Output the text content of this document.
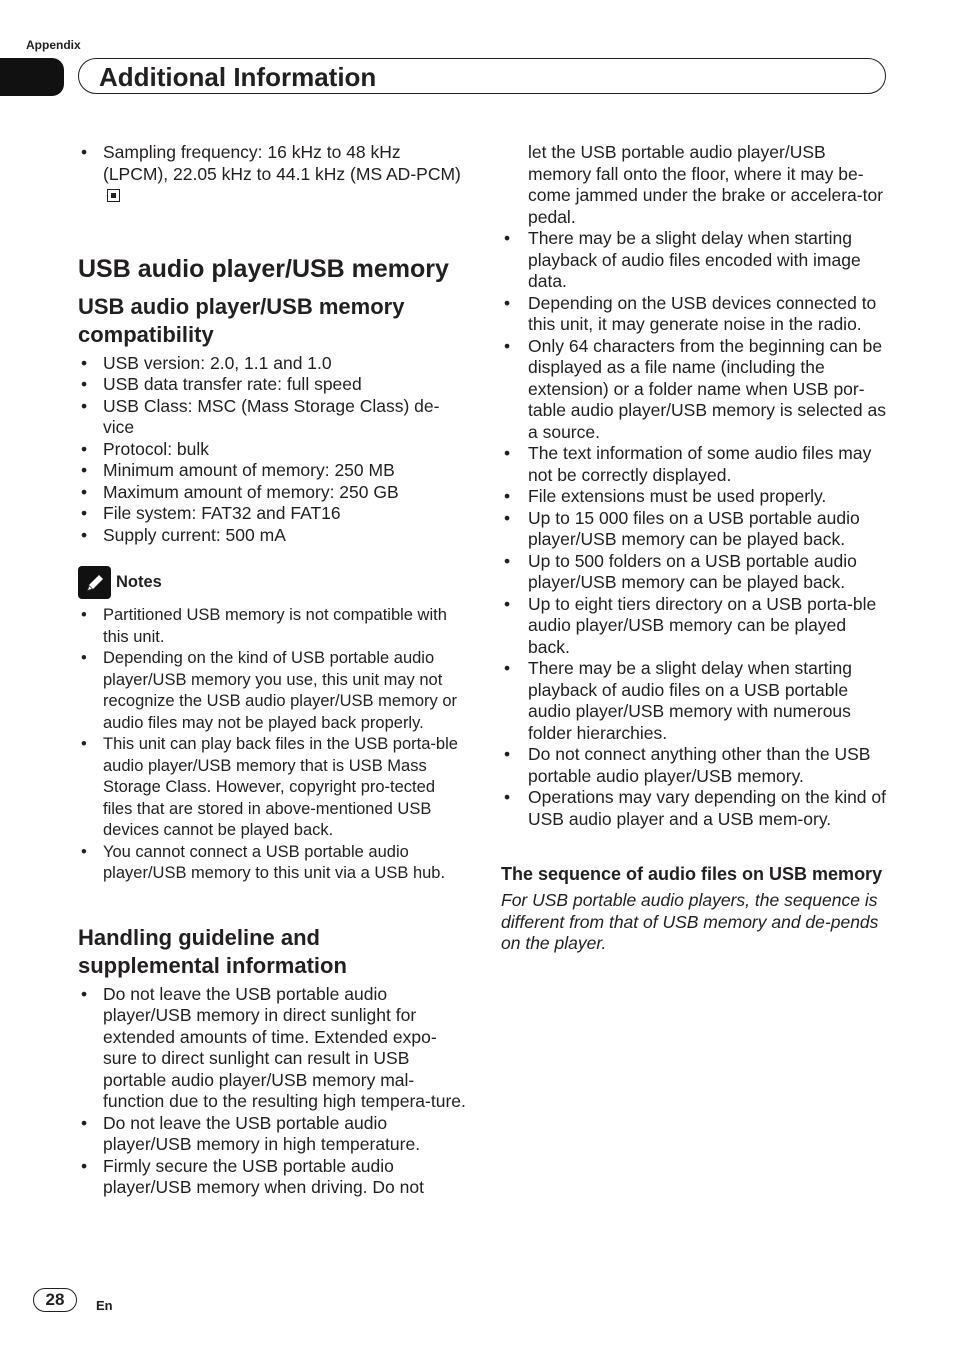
Appendix
Additional Information
• Sampling frequency: 16 kHz to 48 kHz (LPCM), 22.05 kHz to 44.1 kHz (MS AD-PCM)
USB audio player/USB memory
USB audio player/USB memory compatibility
• USB version: 2.0, 1.1 and 1.0
• USB data transfer rate: full speed
• USB Class: MSC (Mass Storage Class) de-vice
• Protocol: bulk
• Minimum amount of memory: 250 MB
• Maximum amount of memory: 250 GB
• File system: FAT32 and FAT16
• Supply current: 500 mA
Notes
• Partitioned USB memory is not compatible with this unit.
• Depending on the kind of USB portable audio player/USB memory you use, this unit may not recognize the USB audio player/USB memory or audio files may not be played back properly.
• This unit can play back files in the USB porta-ble audio player/USB memory that is USB Mass Storage Class. However, copyright pro-tected files that are stored in above-mentioned USB devices cannot be played back.
• You cannot connect a USB portable audio player/USB memory to this unit via a USB hub.
Handling guideline and supplemental information
• Do not leave the USB portable audio player/USB memory in direct sunlight for extended amounts of time. Extended expo-sure to direct sunlight can result in USB portable audio player/USB memory mal-function due to the resulting high tempera-ture.
• Do not leave the USB portable audio player/USB memory in high temperature.
• Firmly secure the USB portable audio player/USB memory when driving. Do not

let the USB portable audio player/USB memory fall onto the floor, where it may be-come jammed under the brake or accelera-tor pedal.

• There may be a slight delay when starting playback of audio files encoded with image data.
• Depending on the USB devices connected to this unit, it may generate noise in the radio.
• Only 64 characters from the beginning can be displayed as a file name (including the extension) or a folder name when USB por-table audio player/USB memory is selected as a source.
• The text information of some audio files may not be correctly displayed.
• File extensions must be used properly.
• Up to 15 000 files on a USB portable audio player/USB memory can be played back.
• Up to 500 folders on a USB portable audio player/USB memory can be played back.
• Up to eight tiers directory on a USB porta-ble audio player/USB memory can be played back.
• There may be a slight delay when starting playback of audio files on a USB portable audio player/USB memory with numerous folder hierarchies.
• Do not connect anything other than the USB portable audio player/USB memory.
• Operations may vary depending on the kind of USB audio player and a USB mem-ory.
The sequence of audio files on USB memory

For USB portable audio players, the sequence is different from that of USB memory and de-pends on the player.

28	En
